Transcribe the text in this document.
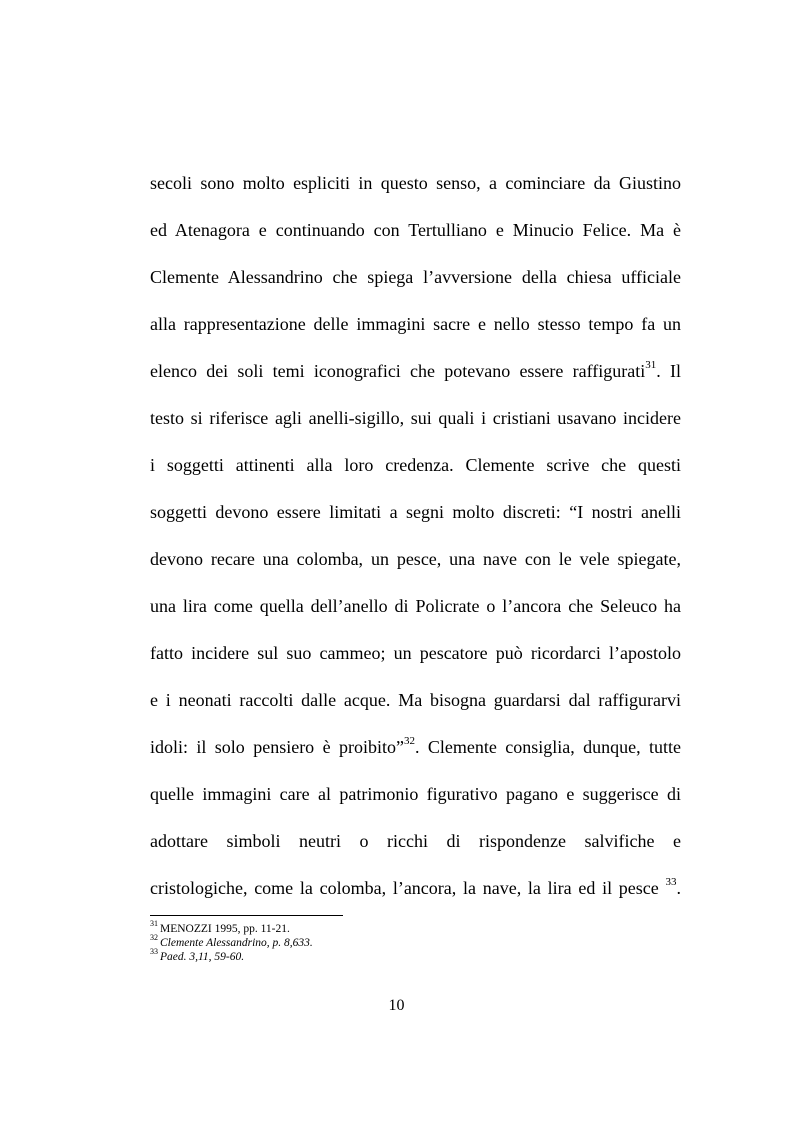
secoli sono molto espliciti in questo senso, a cominciare da Giustino
ed Atenagora e continuando con Tertulliano e Minucio Felice. Ma è
Clemente Alessandrino che spiega l’avversione della chiesa ufficiale
alla rappresentazione delle immagini sacre e nello stesso tempo fa un
elenco dei soli temi iconografici che potevano essere raffigurati$^{31}$. Il
testo si riferisce agli anelli-sigillo, sui quali i cristiani usavano incidere
i soggetti attinenti alla loro credenza. Clemente scrive che questi
soggetti devono essere limitati a segni molto discreti: “I nostri anelli
devono recare una colomba, un pesce, una nave con le vele spiegate,
una lira come quella dell’anello di Policrate o l’ancora che Seleuco ha
fatto incidere sul suo cammeo; un pescatore può ricordarci l’apostolo
e i neonati raccolti dalle acque. Ma bisogna guardarsi dal raffigurarvi
idoli: il solo pensiero è proibito”$^{32}$. Clemente consiglia, dunque, tutte
quelle immagini care al patrimonio figurativo pagano e suggerisce di
adottare simboli neutri o ricchi di rispondenze salvifiche e
cristologiche, come la colomba, l’ancora, la nave, la lira ed il pesce $^{33}$.
$^{31}$ MENOZZI 1995, pp. 11-21.
$^{32}$ Clemente Alessandrino, p. 8,633.
$^{33}$ Paed. 3,11, 59-60.
10
